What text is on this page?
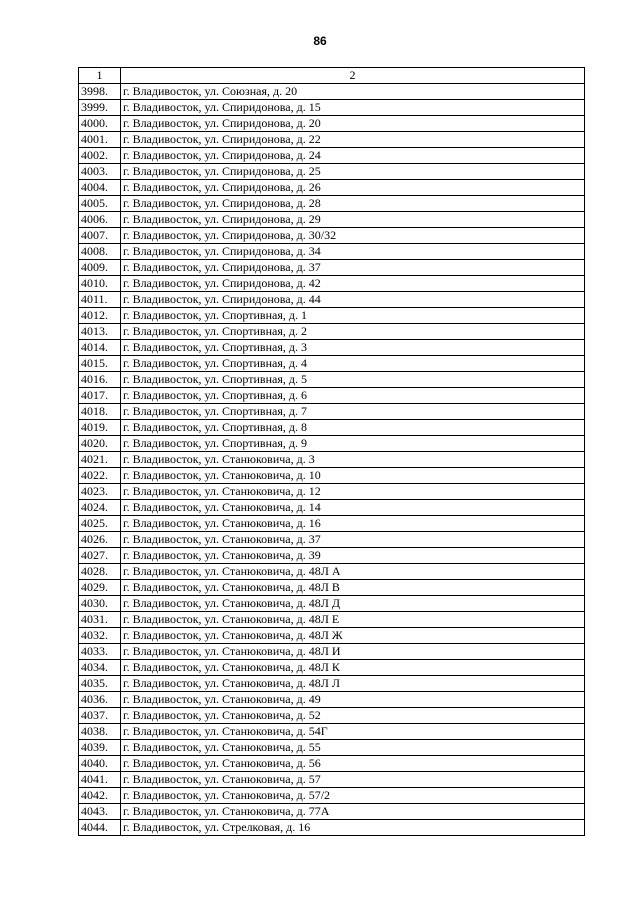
86
1	2
3998.	г. Владивосток, ул. Союзная, д. 20
3999.	г. Владивосток, ул. Спиридонова, д. 15
4000.	г. Владивосток, ул. Спиридонова, д. 20
4001.	г. Владивосток, ул. Спиридонова, д. 22
4002.	г. Владивосток, ул. Спиридонова, д. 24
4003.	г. Владивосток, ул. Спиридонова, д. 25
4004.	г. Владивосток, ул. Спиридонова, д. 26
4005.	г. Владивосток, ул. Спиридонова, д. 28
4006.	г. Владивосток, ул. Спиридонова, д. 29
4007.	г. Владивосток, ул. Спиридонова, д. 30/32
4008.	г. Владивосток, ул. Спиридонова, д. 34
4009.	г. Владивосток, ул. Спиридонова, д. 37
4010.	г. Владивосток, ул. Спиридонова, д. 42
4011.	г. Владивосток, ул. Спиридонова, д. 44
4012.	г. Владивосток, ул. Спортивная, д. 1
4013.	г. Владивосток, ул. Спортивная, д. 2
4014.	г. Владивосток, ул. Спортивная, д. 3
4015.	г. Владивосток, ул. Спортивная, д. 4
4016.	г. Владивосток, ул. Спортивная, д. 5
4017.	г. Владивосток, ул. Спортивная, д. 6
4018.	г. Владивосток, ул. Спортивная, д. 7
4019.	г. Владивосток, ул. Спортивная, д. 8
4020.	г. Владивосток, ул. Спортивная, д. 9
4021.	г. Владивосток, ул. Станюковича, д. 3
4022.	г. Владивосток, ул. Станюковича, д. 10
4023.	г. Владивосток, ул. Станюковича, д. 12
4024.	г. Владивосток, ул. Станюковича, д. 14
4025.	г. Владивосток, ул. Станюковича, д. 16
4026.	г. Владивосток, ул. Станюковича, д. 37
4027.	г. Владивосток, ул. Станюковича, д. 39
4028.	г. Владивосток, ул. Станюковича, д. 48Л А
4029.	г. Владивосток, ул. Станюковича, д. 48Л В
4030.	г. Владивосток, ул. Станюковича, д. 48Л Д
4031.	г. Владивосток, ул. Станюковича, д. 48Л Е
4032.	г. Владивосток, ул. Станюковича, д. 48Л Ж
4033.	г. Владивосток, ул. Станюковича, д. 48Л И
4034.	г. Владивосток, ул. Станюковича, д. 48Л К
4035.	г. Владивосток, ул. Станюковича, д. 48Л Л
4036.	г. Владивосток, ул. Станюковича, д. 49
4037.	г. Владивосток, ул. Станюковича, д. 52
4038.	г. Владивосток, ул. Станюковича, д. 54Г
4039.	г. Владивосток, ул. Станюковича, д. 55
4040.	г. Владивосток, ул. Станюковича, д. 56
4041.	г. Владивосток, ул. Станюковича, д. 57
4042.	г. Владивосток, ул. Станюковича, д. 57/2
4043.	г. Владивосток, ул. Станюковича, д. 77А
4044.	г. Владивосток, ул. Стрелковая, д. 16
